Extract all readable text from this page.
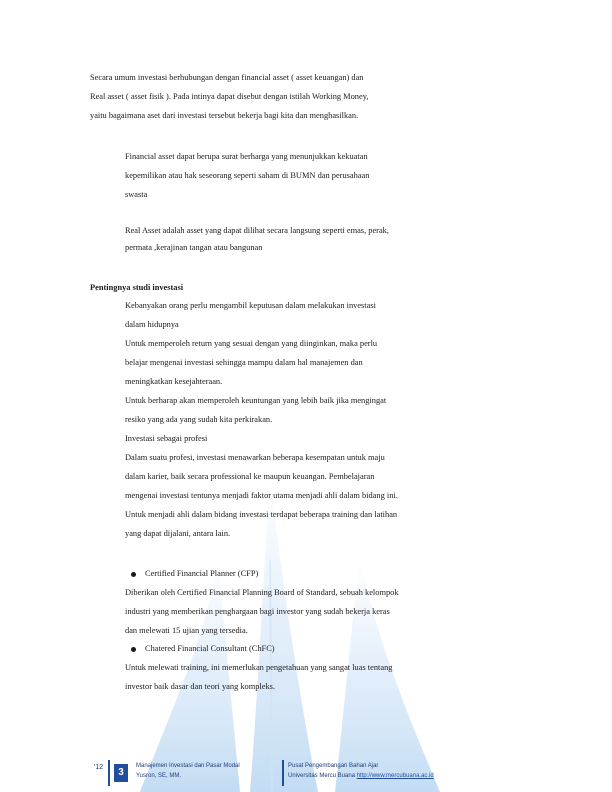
Secara umum investasi berhubungan dengan financial asset ( asset keuangan) dan
Real asset ( asset fisik ). Pada intinya dapat disebut dengan istilah Working Money,
yaitu bagaimana aset dari investasi tersebut bekerja bagi kita dan menghasilkan.
Financial asset dapat berupa surat berharga yang menunjukkan kekuatan
kepemilikan atau hak seseorang seperti saham di BUMN dan perusahaan
swasta
Real Asset adalah asset yang dapat dilihat secara langsung seperti emas, perak,
permata ,kerajinan tangan atau bangunan
Pentingnya studi investasi
Kebanyakan orang perlu mengambil keputusan dalam melakukan investasi
dalam hidupnya
Untuk memperoleh return yang sesuai dengan yang diinginkan, maka perlu
belajar mengenai investasi sehingga mampu dalam hal manajemen dan
meningkatkan kesejahteraan.
Untuk berharap akan memperoleh keuntungan yang lebih baik jika mengingat
resiko yang ada yang sudah kita perkirakan.
Investasi sebagai profesi
Dalam suatu profesi, investasi menawarkan beberapa kesempatan untuk maju
dalam karier, baik secara professional ke maupun keuangan. Pembelajaran
mengenai investasi tentunya menjadi faktor utama menjadi ahli dalam bidang ini.
Untuk menjadi ahli dalam bidang investasi terdapat beberapa training dan latihan
yang dapat dijalani, antara lain.
Certified Financial Planner (CFP)
Diberikan oleh Certified Financial Planning Board of Standard, sebuah kelompok
industri yang memberikan penghargaan bagi investor yang sudah bekerja keras
dan melewati 15 ujian yang tersedia.
Chatered Financial Consultant (ChFC)
Untuk melewati training, ini memerlukan pengetahuan yang sangat luas tentang
investor baik dasar dan teori yang kompleks.
'12	3
Manajemen Investasi dan Pasar Modal
Yusron, SE, MM.
Pusat Pengembangan Bahan Ajar
Universitas Mercu Buana http://www.mercubuana.ac.id
